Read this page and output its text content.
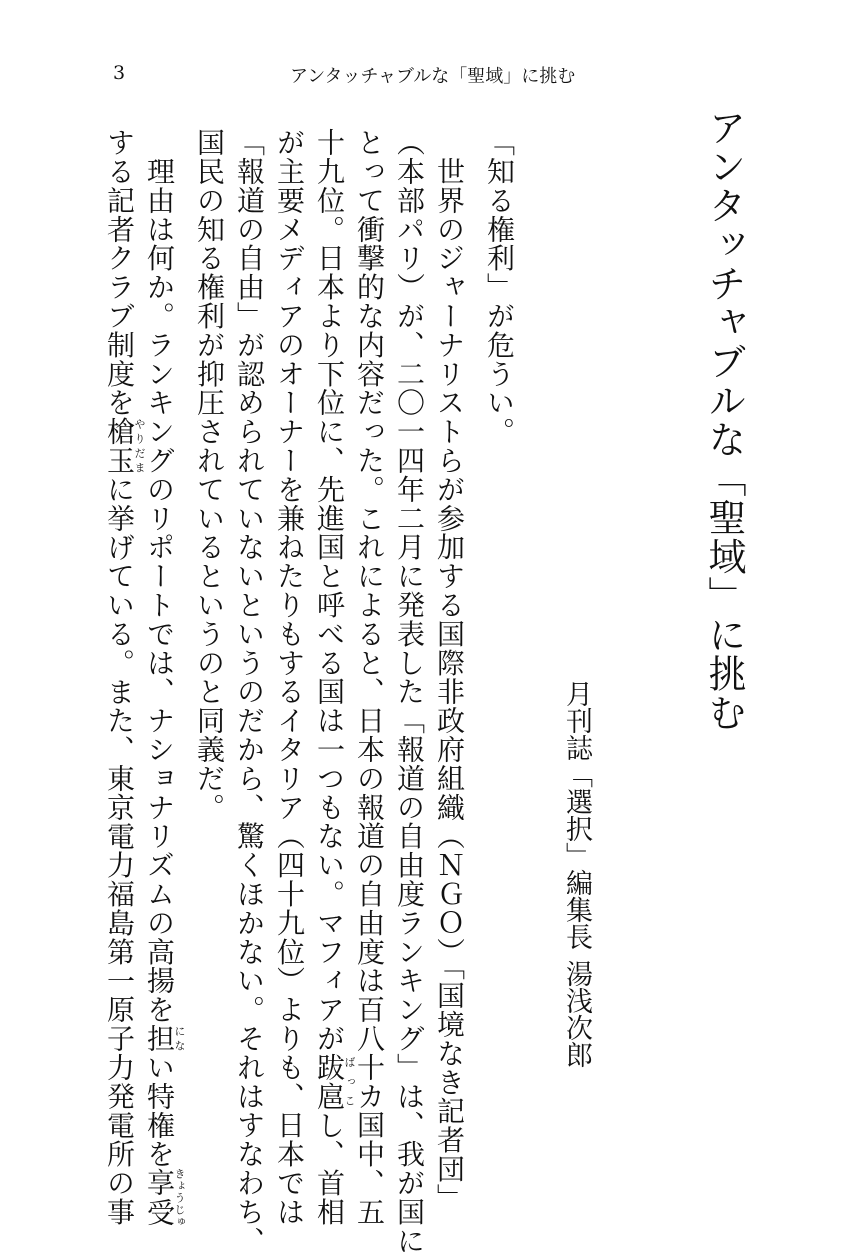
3	アンタッチャブルな「聖域」に挑む
アンタッチャブルな「聖域」に挑む
月刊誌「選択」編集長
湯浅次郎
「知る権利」が危うい。
　世界のジャーナリストらが参加する国際非政府組織（ＮＧＯ）「国境なき記者団」
（本部パリ）が、二〇一四年二月に発表した「報道の自由度ランキング」は、我が国に
とって衝撃的な内容だった。これによると、日本の報道の自由度は百八十カ国中、五
十九位。日本より下位に、先進国と呼べる国は一つもない。マフィアが跋扈ばっこし、首相
が主要メディアのオーナーを兼ねたりもするイタリア（四十九位）よりも、日本では
「報道の自由」が認められていないというのだから、驚くほかない。それはすなわち、
国民の知る権利が抑圧されているというのと同義だ。
　理由は何か。ランキングのリポートでは、ナショナリズムの高揚を担にない特権を享受きょうじゅ
する記者クラブ制度を槍玉やりだまに挙げている。また、東京電力福島第一原子力発電所の事
